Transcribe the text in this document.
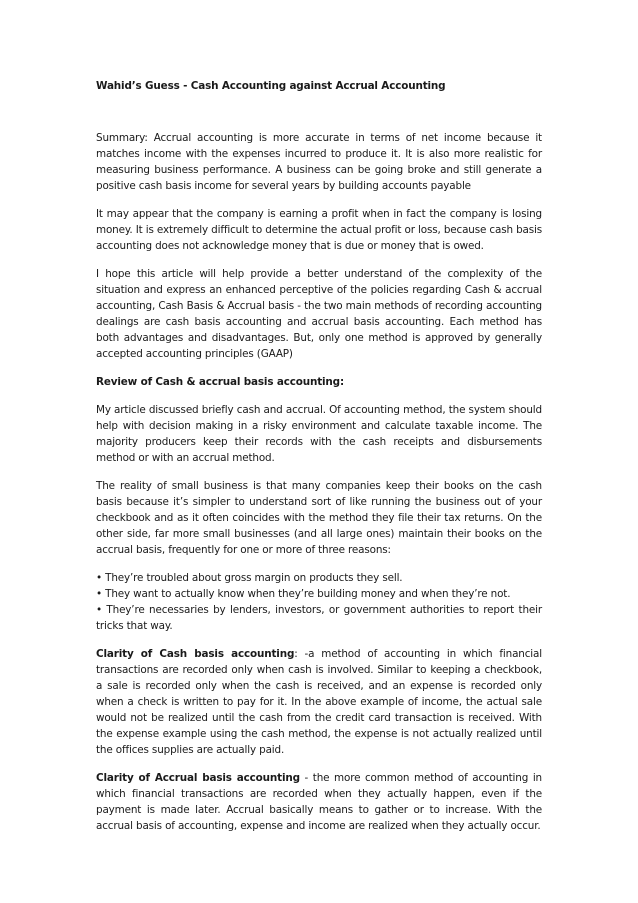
Wahid’s Guess - Cash Accounting against Accrual Accounting

Summary: Accrual accounting is more accurate in terms of net income because it matches income with the expenses incurred to produce it. It is also more realistic for measuring business performance. A business can be going broke and still generate a positive cash basis income for several years by building accounts payable

It may appear that the company is earning a profit when in fact the company is losing money. It is extremely difficult to determine the actual profit or loss, because cash basis accounting does not acknowledge money that is due or money that is owed.

I hope this article will help provide a better understand of the complexity of the situation and express an enhanced perceptive of the policies regarding Cash & accrual accounting, Cash Basis & Accrual basis - the two main methods of recording accounting dealings are cash basis accounting and accrual basis accounting. Each method has both advantages and disadvantages. But, only one method is approved by generally accepted accounting principles (GAAP)

Review of Cash & accrual basis accounting:

My article discussed briefly cash and accrual. Of accounting method, the system should help with decision making in a risky environment and calculate taxable income. The majority producers keep their records with the cash receipts and disbursements method or with an accrual method.

The reality of small business is that many companies keep their books on the cash basis because it’s simpler to understand sort of like running the business out of your checkbook and as it often coincides with the method they file their tax returns. On the other side, far more small businesses (and all large ones) maintain their books on the accrual basis, frequently for one or more of three reasons:

• They’re troubled about gross margin on products they sell.
• They want to actually know when they’re building money and when they’re not.
• They’re necessaries by lenders, investors, or government authorities to report their tricks that way.

Clarity of Cash basis accounting: -a method of accounting in which financial transactions are recorded only when cash is involved. Similar to keeping a checkbook, a sale is recorded only when the cash is received, and an expense is recorded only when a check is written to pay for it. In the above example of income, the actual sale would not be realized until the cash from the credit card transaction is received. With the expense example using the cash method, the expense is not actually realized until the offices supplies are actually paid.

Clarity of Accrual basis accounting - the more common method of accounting in which financial transactions are recorded when they actually happen, even if the payment is made later. Accrual basically means to gather or to increase. With the accrual basis of accounting, expense and income are realized when they actually occur.
